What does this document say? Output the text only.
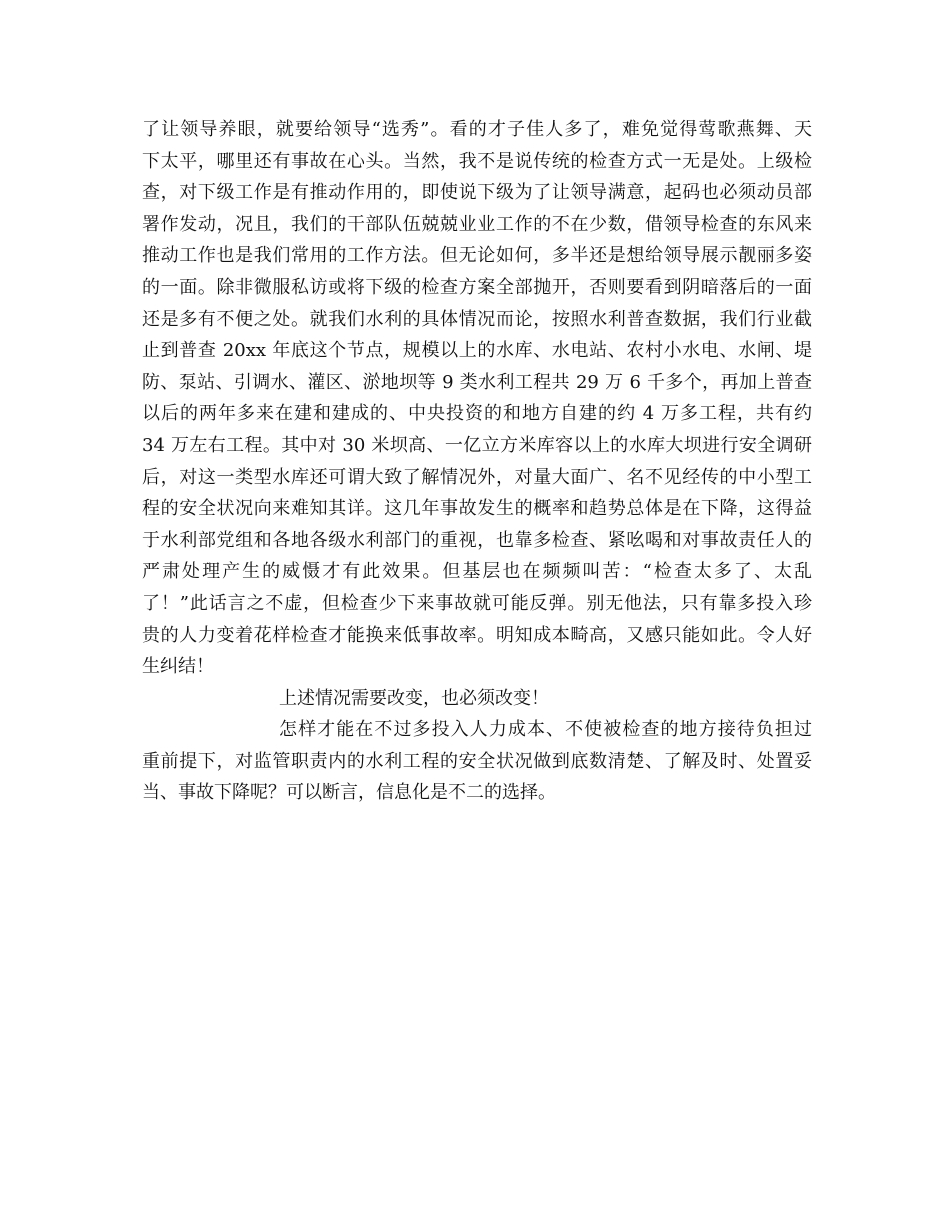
了让领导养眼，就要给领导“选秀”。看的才子佳人多了，难免觉得莺歌燕舞、天
下太平，哪里还有事故在心头。当然，我不是说传统的检查方式一无是处。上级检
查，对下级工作是有推动作用的，即使说下级为了让领导满意，起码也必须动员部
署作发动，况且，我们的干部队伍兢兢业业工作的不在少数，借领导检查的东风来
推动工作也是我们常用的工作方法。但无论如何，多半还是想给领导展示靓丽多姿
的一面。除非微服私访或将下级的检查方案全部抛开，否则要看到阴暗落后的一面
还是多有不便之处。就我们水利的具体情况而论，按照水利普查数据，我们行业截
止到普查 20xx 年底这个节点，规模以上的水库、水电站、农村小水电、水闸、堤
防、泵站、引调水、灌区、淤地坝等 9 类水利工程共 29 万 6 千多个，再加上普查
以后的两年多来在建和建成的、中央投资的和地方自建的约 4 万多工程，共有约
34 万左右工程。其中对 30 米坝高、一亿立方米库容以上的水库大坝进行安全调研
后，对这一类型水库还可谓大致了解情况外，对量大面广、名不见经传的中小型工
程的安全状况向来难知其详。这几年事故发生的概率和趋势总体是在下降，这得益
于水利部党组和各地各级水利部门的重视，也靠多检查、紧吆喝和对事故责任人的
严肃处理产生的威慑才有此效果。但基层也在频频叫苦：“检查太多了、太乱
了！”此话言之不虚，但检查少下来事故就可能反弹。别无他法，只有靠多投入珍
贵的人力变着花样检查才能换来低事故率。明知成本畸高，又感只能如此。令人好
生纠结！
上述情况需要改变，也必须改变！
怎样才能在不过多投入人力成本、不使被检查的地方接待负担过
重前提下，对监管职责内的水利工程的安全状况做到底数清楚、了解及时、处置妥
当、事故下降呢？可以断言，信息化是不二的选择。
